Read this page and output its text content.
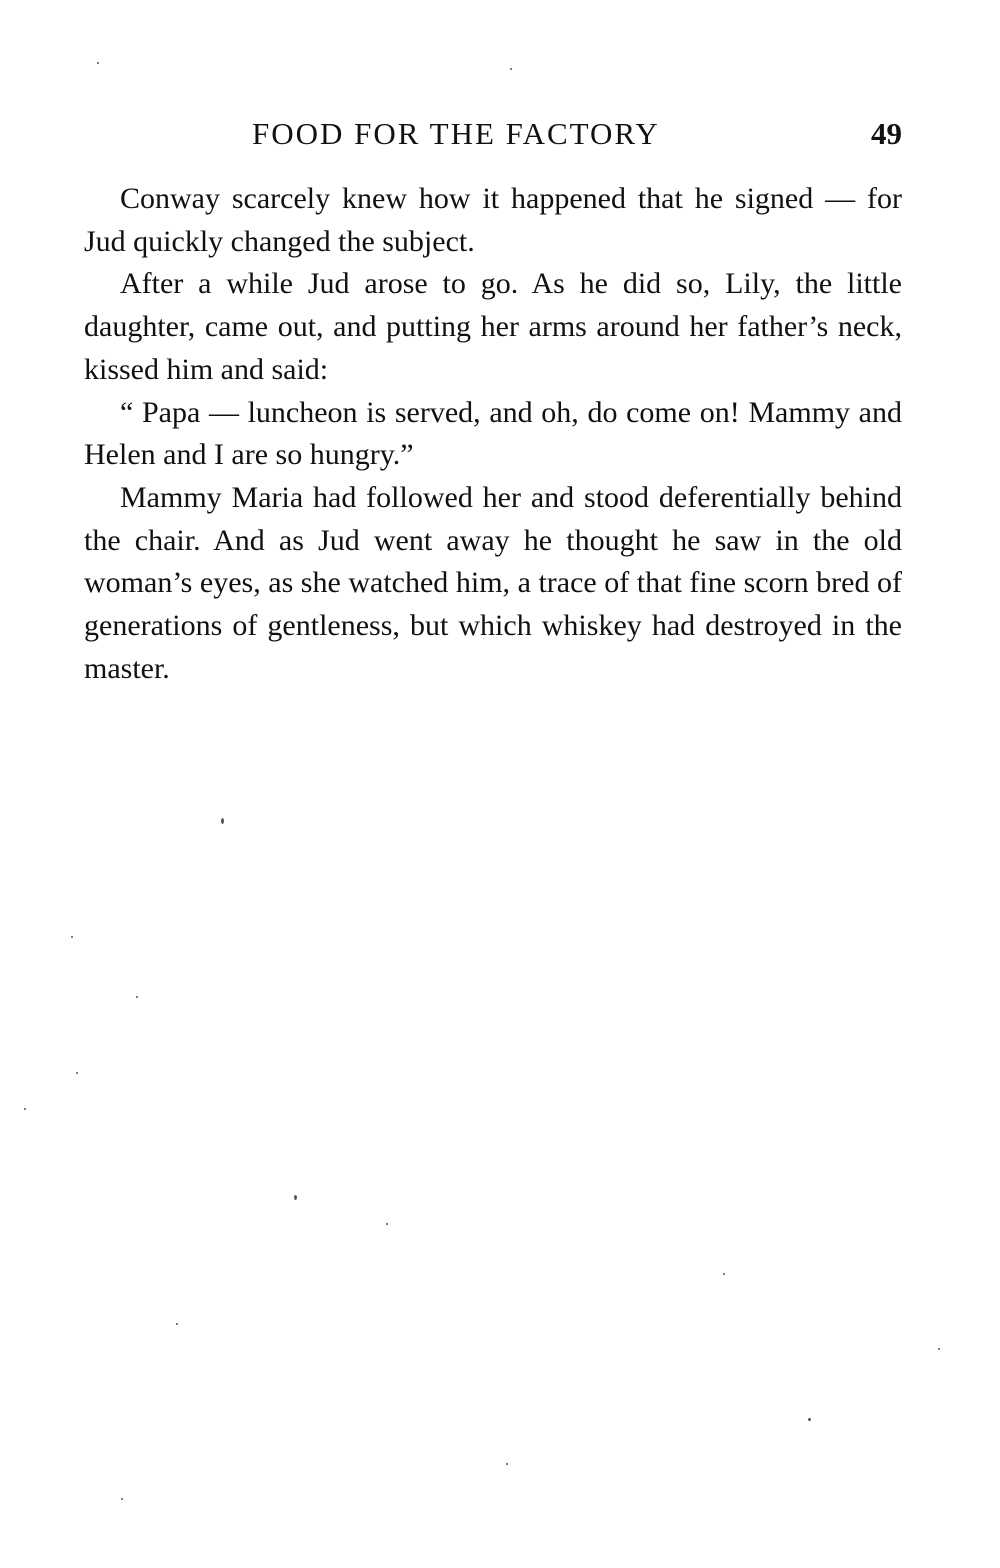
FOOD FOR THE FACTORY	49

Conway scarcely knew how it happened that he signed — for Jud quickly changed the subject.

After a while Jud arose to go. As he did so, Lily, the little daughter, came out, and putting her arms around her father’s neck, kissed him and said:

“ Papa — luncheon is served, and oh, do come on! Mammy and Helen and I are so hungry.”

Mammy Maria had followed her and stood deferentially behind the chair. And as Jud went away he thought he saw in the old woman’s eyes, as she watched him, a trace of that fine scorn bred of generations of gentleness, but which whiskey had destroyed in the master.
